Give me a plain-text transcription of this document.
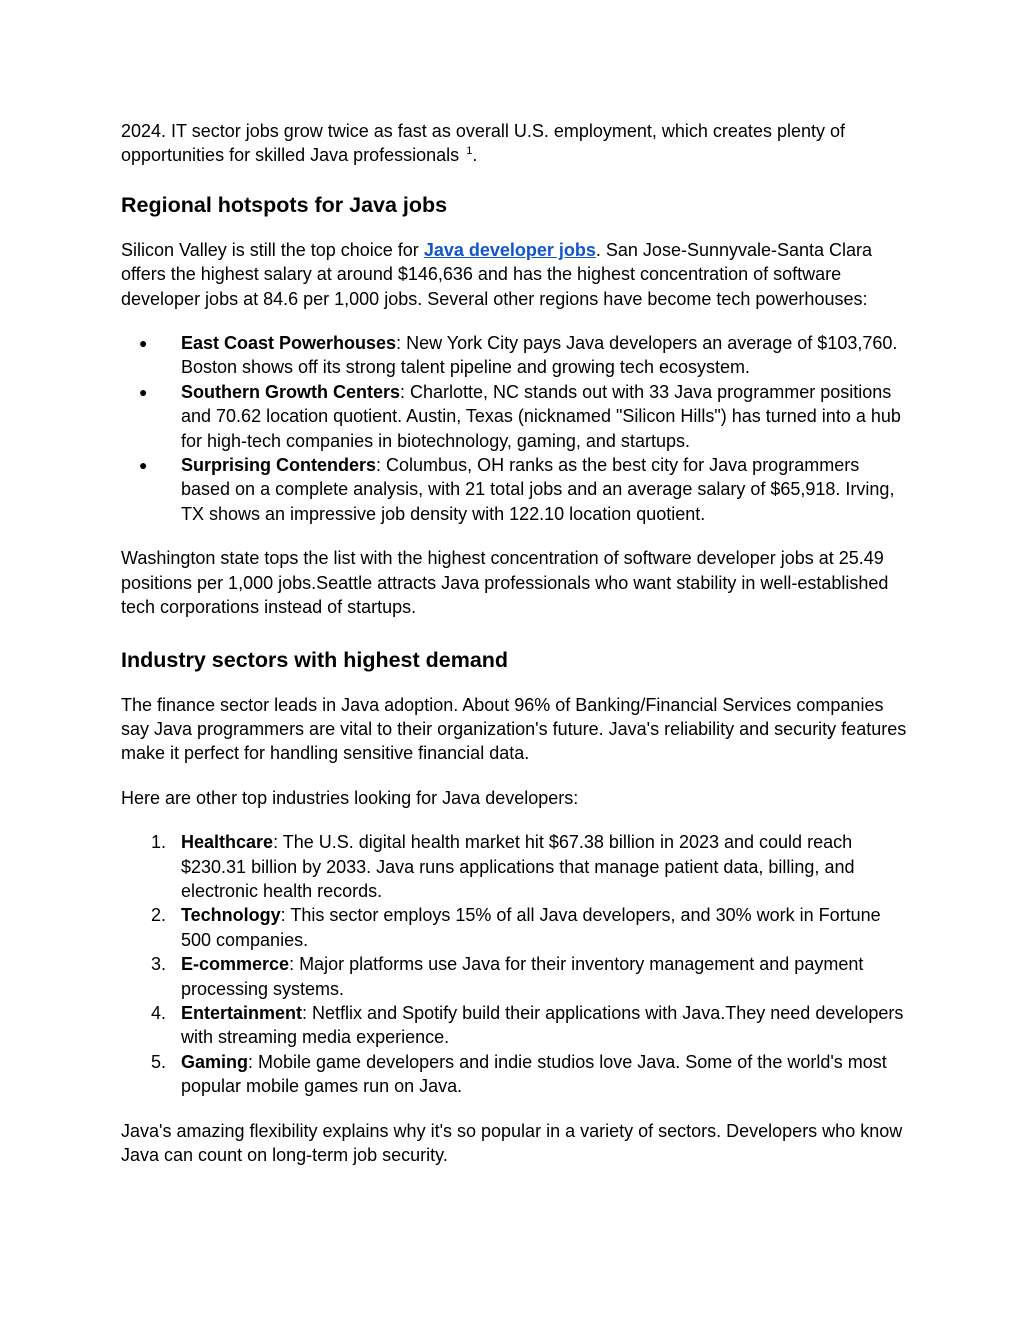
2024. IT sector jobs grow twice as fast as overall U.S. employment, which creates plenty of opportunities for skilled Java professionals $^1$.

Regional hotspots for Java jobs

Silicon Valley is still the top choice for Java developer jobs. San Jose-Sunnyvale-Santa Clara offers the highest salary at around $146,636 and has the highest concentration of software developer jobs at 84.6 per 1,000 jobs. Several other regions have become tech powerhouses:

● East Coast Powerhouses: New York City pays Java developers an average of $103,760. Boston shows off its strong talent pipeline and growing tech ecosystem.
● Southern Growth Centers: Charlotte, NC stands out with 33 Java programmer positions and 70.62 location quotient. Austin, Texas (nicknamed "Silicon Hills") has turned into a hub for high-tech companies in biotechnology, gaming, and startups.
● Surprising Contenders: Columbus, OH ranks as the best city for Java programmers based on a complete analysis, with 21 total jobs and an average salary of $65,918. Irving, TX shows an impressive job density with 122.10 location quotient.

Washington state tops the list with the highest concentration of software developer jobs at 25.49 positions per 1,000 jobs.Seattle attracts Java professionals who want stability in well-established tech corporations instead of startups.

Industry sectors with highest demand

The finance sector leads in Java adoption. About 96% of Banking/Financial Services companies say Java programmers are vital to their organization's future. Java's reliability and security features make it perfect for handling sensitive financial data.

Here are other top industries looking for Java developers:

1. Healthcare: The U.S. digital health market hit $67.38 billion in 2023 and could reach $230.31 billion by 2033. Java runs applications that manage patient data, billing, and electronic health records.
2. Technology: This sector employs 15% of all Java developers, and 30% work in Fortune 500 companies.
3. E-commerce: Major platforms use Java for their inventory management and payment processing systems.
4. Entertainment: Netflix and Spotify build their applications with Java.They need developers with streaming media experience.
5. Gaming: Mobile game developers and indie studios love Java. Some of the world's most popular mobile games run on Java.

Java's amazing flexibility explains why it's so popular in a variety of sectors. Developers who know Java can count on long-term job security.
